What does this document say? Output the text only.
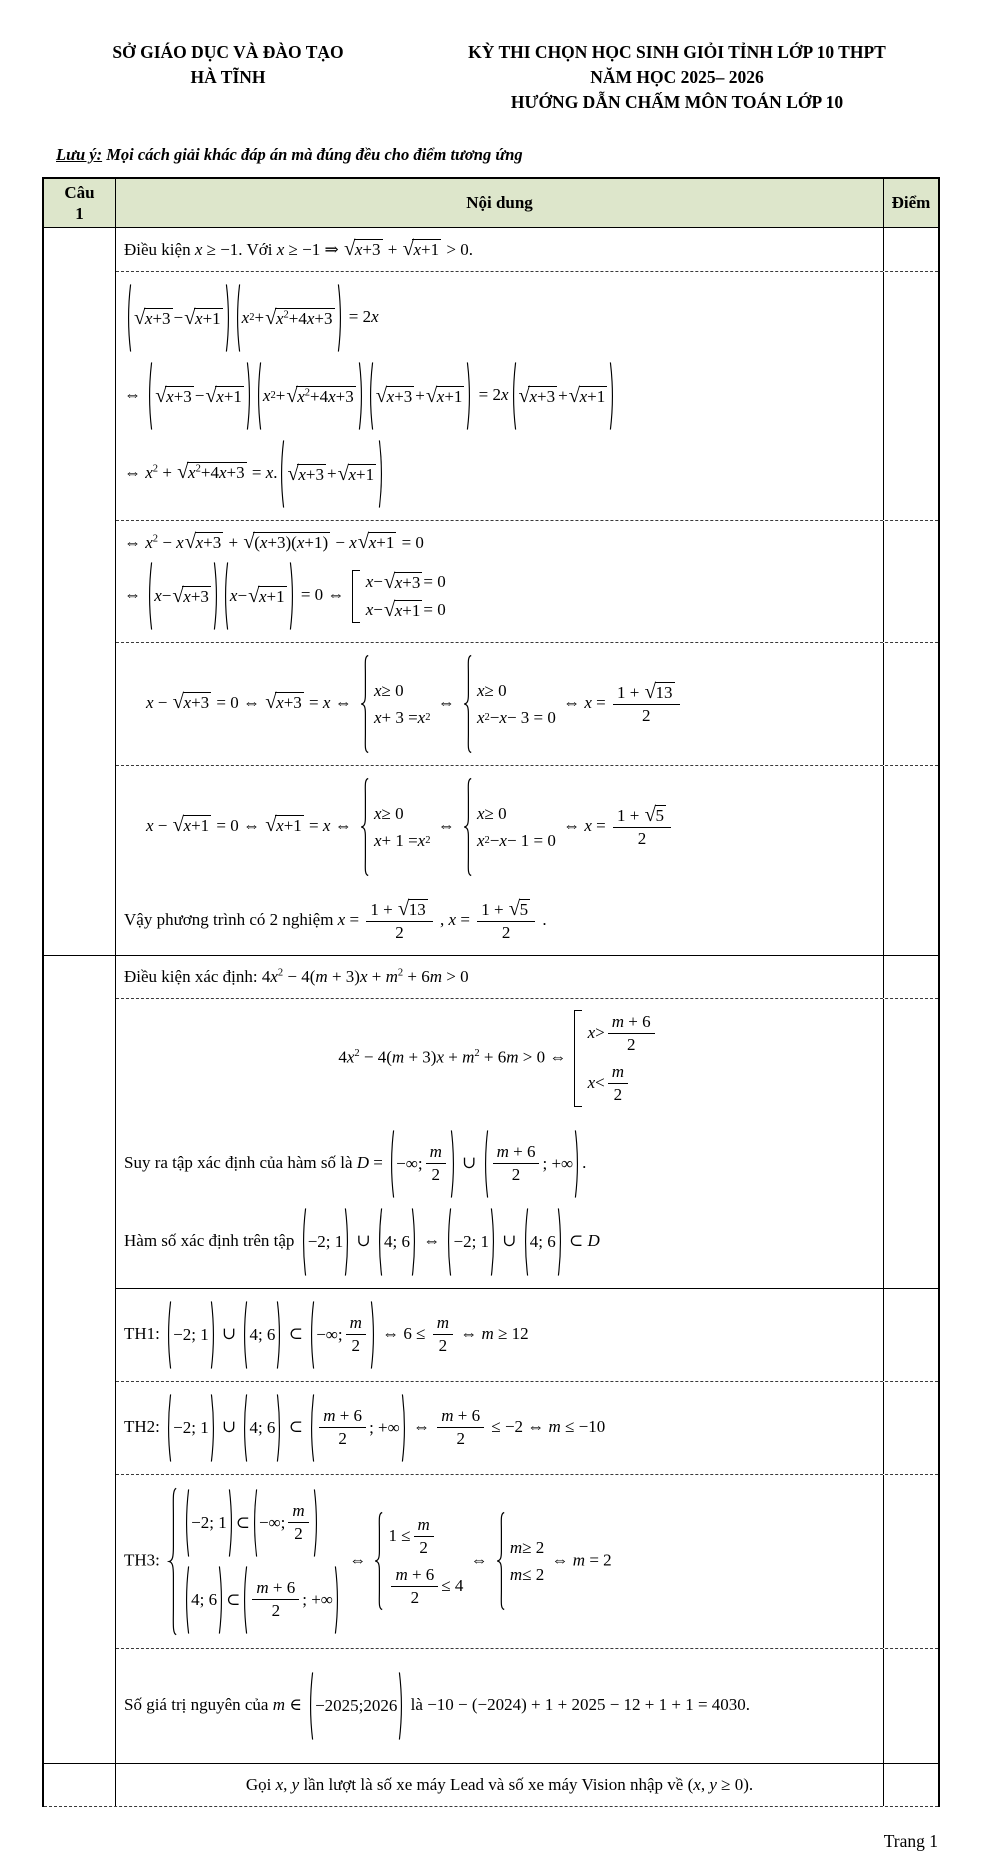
SỞ GIÁO DỤC VÀ ĐÀO TẠO
HÀ TĨNH
KỲ THI CHỌN HỌC SINH GIỎI TỈNH LỚP 10 THPT
NĂM HỌC 2025– 2026
HƯỚNG DẪN CHẤM MÔN TOÁN LỚP 10
Lưu ý: Mọi cách giải khác đáp án mà đúng đều cho điểm tương ứng
Câu
1
Nội dung	Điểm
Điều kiện x ≥ −1. Với x ≥ −1 ⇒ √ x+3 + √ x+1 > 0.
√ x+3 − √ x+1 x 2 + √ $x^2+4x+3 = 2x$
⇔ √ x+3 − √ x+1 x 2 + √ $x^2+4x+3$ √ x+3 + √ x+1 = 2x √ x+3 + √ x+1
⇔ $x^2$ + √ $x^2+4x+3 = x$. √ x+3 + √ x+1
⇔ $x^2 - x$ √ x+3 + √ (x+3)(x+1) − x √ x+1 = 0
⇔ x − √ x+3 x − √ x+1 = 0 ⇔
x − √ x+3 = 0
x − √ x+1 = 0
x − √ x+3 = 0 ⇔ √ x+3 = x ⇔
x ≥ 0
x + 3 = x 2
⇔
x ≥ 0
x 2 − x − 3 = 0
⇔ $x = \frac{1 + √ 13}{2}$
x − √ x+1 = 0 ⇔ √ x+1 = x ⇔
x ≥ 0
x + 1 = x 2
⇔
x ≥ 0
x 2 − x − 1 = 0
⇔ $x = \frac{1 + √ 5}{2}$
Vậy phương trình có 2 nghiệm $x = \frac{1 + √ 13}{2}$ , $x = \frac{1 + √ 5}{2}$ .
Điều kiện xác định: $4x^2 - 4(m + 3)x + m^2 + 6m > 0$
$4x^2 - 4(m + 3)x + m^2 + 6m > 0$ ⇔
$x > \frac{m + 6}{2}$
$x < \frac{m}{2}$
Suy ra tập xác định của hàm số là D = −∞; $\frac{m}{2}$ ∪ $\frac{m + 6}{2}$ ; +∞ .
Hàm số xác định trên tập −2; 1 ∪ 4; 6 ⇔ −2; 1 ∪ 4; 6 ⊂ D
TH1: −2; 1 ∪ 4; 6 ⊂ −∞; $\frac{m}{2}$ ⇔ $6 \le \frac{m}{2}$ ⇔ m ≥ 12
TH2: −2; 1 ∪ 4; 6 ⊂ $\frac{m + 6}{2}$ ; +∞ ⇔ $\frac{m + 6}{2} \le -2$ ⇔ m ≤ −10
TH3:
−2; 1 ⊂ −∞; $\frac{m}{2}$
4; 6 ⊂ $\frac{m + 6}{2}$ ; +∞
⇔
$1 \le \frac{m}{2}$
$\frac{m + 6}{2} \le 4$
⇔
m ≥ 2
m ≤ 2
⇔ m = 2
Số giá trị nguyên của m ∈ −2025;2026 là −10 − (−2024) + 1 + 2025 − 12 + 1 + 1 = 4030.
Gọi x, y lần lượt là số xe máy Lead và số xe máy Vision nhập về (x, y ≥ 0).
Trang 1
